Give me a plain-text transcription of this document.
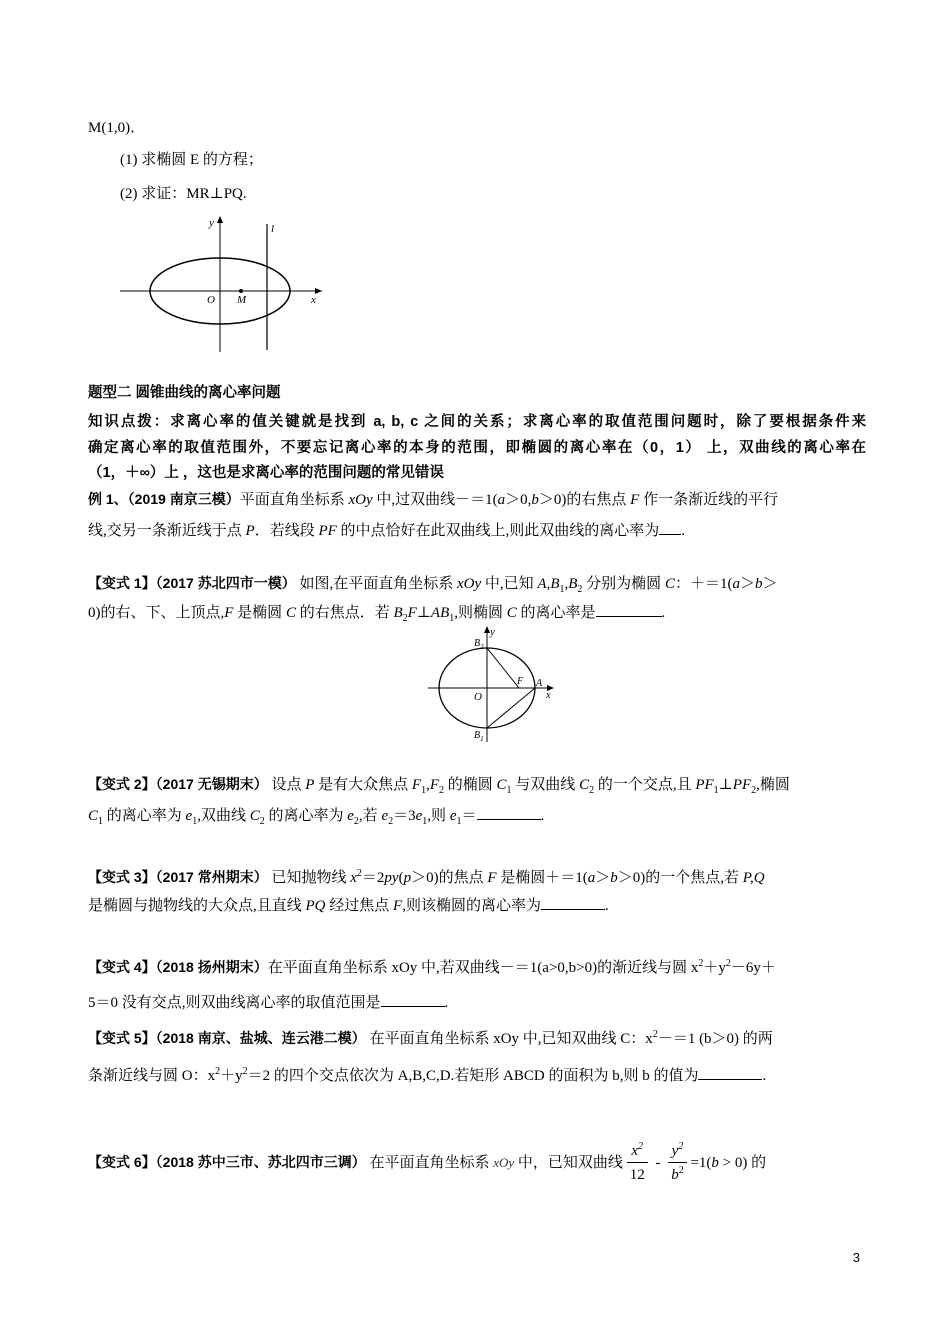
M(1,0)．
(1) 求椭圆 E 的方程；
(2) 求证：MR⊥PQ.
y	l
O M	x
题型二 圆锥曲线的离心率问题
知识点拨：求离心率的值关键就是找到 a, b, c 之间的关系；求离心率的取值范围问题时，除了要根据条件来
确定离心率的取值范围外，不要忘记离心率的本身的范围，即椭圆的离心率在（0，1） 上，双曲线的离心率在
（1，＋∞）上 ，这也是求离心率的范围问题的常见错误
例 1、（2019 南京三模）平面直角坐标系 xOy 中,过双曲线－＝1(a＞0,b＞0)的右焦点 F 作一条渐近线的平行
线,交另一条渐近线于点 P．若线段 PF 的中点恰好在此双曲线上,则此双曲线的离心率为 .
【变式 1】（2017 苏北四市一模） 如图,在平面直角坐标系 xOy 中,已知 $A,B_1,B_2$ 分别为椭圆 C：＋＝1(a＞b＞
0)的右、下、上顶点,F 是椭圆 C 的右焦点．若 $B_2F\perp AB_1$,则椭圆 C 的离心率是	.
y
$B_2$
O
F A
x
$B_1$
【变式 2】（2017 无锡期末） 设点 P 是有大众焦点 $F_1,F_2$ 的椭圆 $C_1$ 与双曲线 $C_2$ 的一个交点,且 $PF_1\perp PF_2$,椭圆
$C_1$ 的离心率为 $e_1$,双曲线 $C_2$ 的离心率为 $e_2$,若 $e_2=3e_1$,则 $e_1=$	.
【变式 3】（2017 常州期末） 已知抛物线 $x^2=2py(p>0)$的焦点 F 是椭圆＋＝1(a＞b＞0)的一个焦点,若 P,Q
是椭圆与抛物线的大众点,且直线 PQ 经过焦点 F,则该椭圆的离心率为	.
【变式 4】（2018 扬州期末）在平面直角坐标系 xOy 中,若双曲线－＝1(a>0,b>0)的渐近线与圆 $x^2+y^2-6y+$
5＝0 没有交点,则双曲线离心率的取值范围是	.
【变式 5】（2018 南京、盐城、连云港二模） 在平面直角坐标系 xOy 中,已知双曲线 C：$x^2-=1$ (b＞0) 的两
条渐近线与圆 O：$x^2+y^2=2$ 的四个交点依次为 A,B,C,D.若矩形 ABCD 的面积为 b,则 b 的值为	.
【变式 6】（2018 苏中三市、苏北四市三调） 在平面直角坐标系 xOy 中，已知双曲线 $\frac{x^2}{12} - \frac{y^2}{b^2} =1(b > 0)$ 的
3
